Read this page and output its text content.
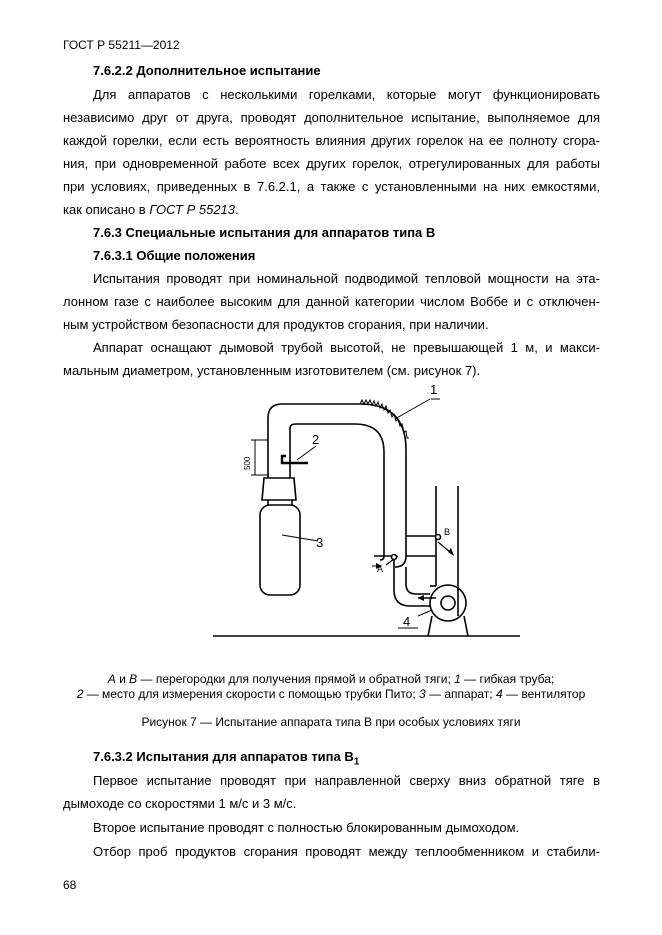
ГОСТ Р 55211—2012
7.6.2.2 Дополнительное испытание
Для аппаратов с несколькими горелками, которые могут функционировать
независимо друг от друга, проводят дополнительное испытание, выполняемое для
каждой горелки, если есть вероятность влияния других горелок на ее полноту сгора-
ния, при одновременной работе всех других горелок, отрегулированных для работы
при условиях, приведенных в 7.6.2.1, а также с установленными на них емкостями,
как описано в ГОСТ Р 55213.
7.6.3 Специальные испытания для аппаратов типа В
7.6.3.1 Общие положения
Испытания проводят при номинальной подводимой тепловой мощности на эта-
лонном газе с наиболее высоким для данной категории числом Воббе и с отключен-
ным устройством безопасности для продуктов сгорания, при наличии.
Аппарат оснащают дымовой трубой высотой, не превышающей 1 м, и макси-
мальным диаметром, установленным изготовителем (см. рисунок 7).
1
2
3
4
A
B
500
А и В — перегородки для получения прямой и обратной тяги; 1 — гибкая труба;
2 — место для измерения скорости с помощью трубки Пито; 3 — аппарат; 4 — вентилятор
Рисунок 7 — Испытание аппарата типа В при особых условиях тяги
7.6.3.2 Испытания для аппаратов типа $В_1$
Первое испытание проводят при направленной сверху вниз обратной тяге в
дымоходе со скоростями 1 м/с и 3 м/с.
Второе испытание проводят с полностью блокированным дымоходом.
Отбор проб продуктов сгорания проводят между теплообменником и стабили-
68
